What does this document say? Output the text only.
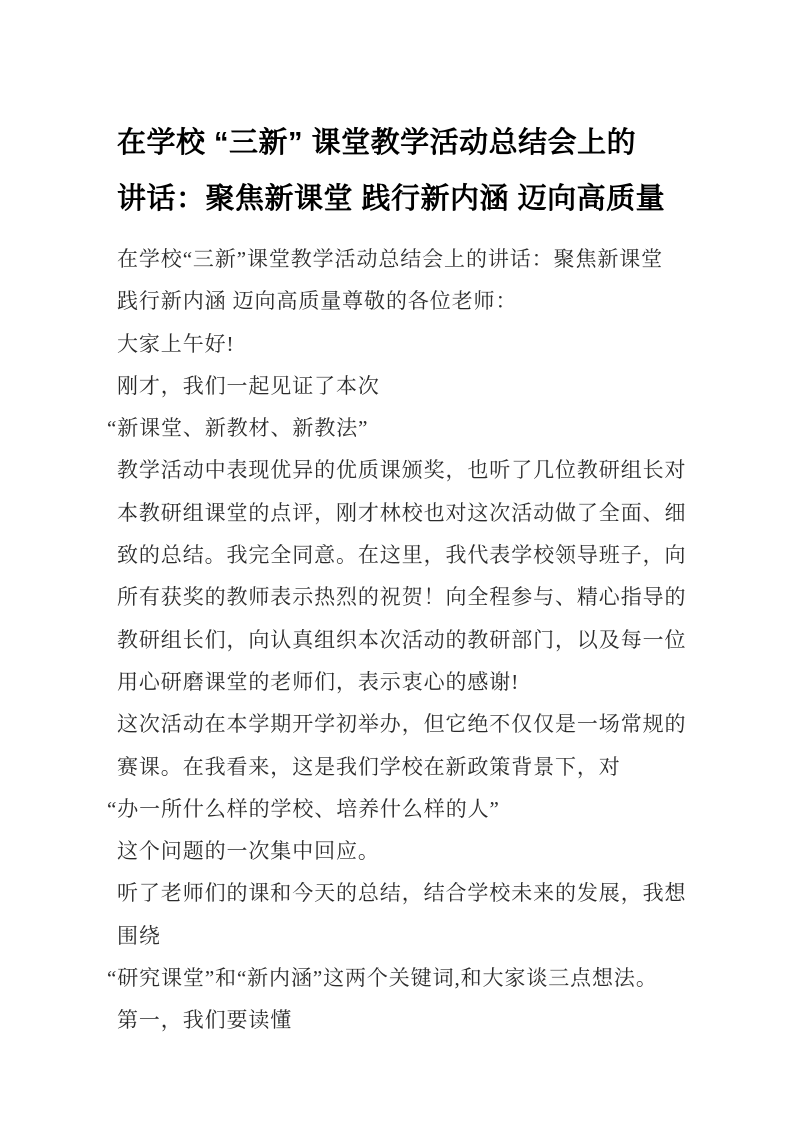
在学校 “三新” 课堂教学活动总结会上的
讲话：聚焦新课堂 践行新内涵 迈向高质量
在学校“三新”课堂教学活动总结会上的讲话：聚焦新课堂
践行新内涵 迈向高质量尊敬的各位老师：
大家上午好!
刚才，我们一起见证了本次
“新课堂、新教材、新教法”
教学活动中表现优异的优质课颁奖，也听了几位教研组长对
本教研组课堂的点评，刚才林校也对这次活动做了全面、细
致的总结。我完全同意。在这里，我代表学校领导班子，向
所有获奖的教师表示热烈的祝贺！向全程参与、精心指导的
教研组长们，向认真组织本次活动的教研部门，以及每一位
用心研磨课堂的老师们，表示衷心的感谢!
这次活动在本学期开学初举办，但它绝不仅仅是一场常规的
赛课。在我看来，这是我们学校在新政策背景下，对
“办一所什么样的学校、培养什么样的人”
这个问题的一次集中回应。
听了老师们的课和今天的总结，结合学校未来的发展，我想
围绕
“研究课堂”和“新内涵”这两个关键词,和大家谈三点想法。
第一，我们要读懂
